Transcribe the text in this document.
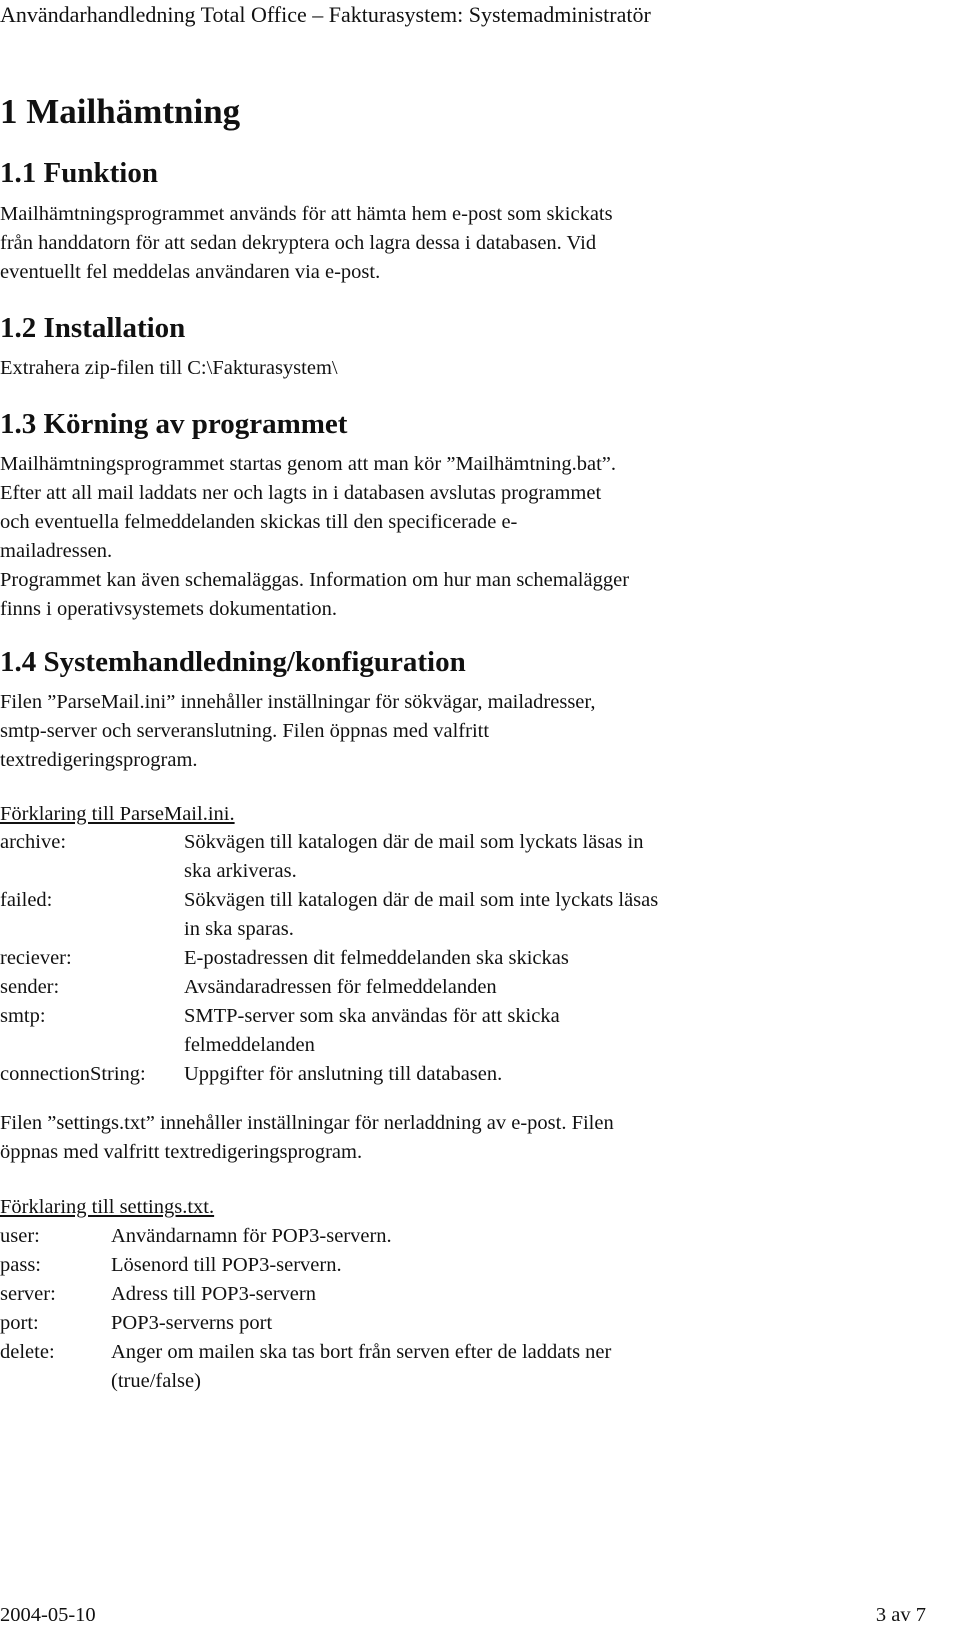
Användarhandledning Total Office – Fakturasystem: Systemadministratör
1 Mailhämtning
1.1 Funktion
Mailhämtningsprogrammet används för att hämta hem e-post som skickats
från handdatorn för att sedan dekryptera och lagra dessa i databasen. Vid
eventuellt fel meddelas användaren via e-post.
1.2 Installation
Extrahera zip-filen till C:\Fakturasystem\
1.3 Körning av programmet
Mailhämtningsprogrammet startas genom att man kör ”Mailhämtning.bat”.
Efter att all mail laddats ner och lagts in i databasen avslutas programmet
och eventuella felmeddelanden skickas till den specificerade e-
mailadressen.
Programmet kan även schemaläggas. Information om hur man schemalägger
finns i operativsystemets dokumentation.
1.4 Systemhandledning/konfiguration
Filen ”ParseMail.ini” innehåller inställningar för sökvägar, mailadresser,
smtp-server och serveranslutning. Filen öppnas med valfritt
textredigeringsprogram.
Förklaring till ParseMail.ini.
archive:	Sökvägen till katalogen där de mail som lyckats läsas in
ska arkiveras.
failed:	Sökvägen till katalogen där de mail som inte lyckats läsas
in ska sparas.
reciever:	E-postadressen dit felmeddelanden ska skickas
sender:	Avsändaradressen för felmeddelanden
smtp:	SMTP-server som ska användas för att skicka
felmeddelanden
connectionString: Uppgifter för anslutning till databasen.
Filen ”settings.txt” innehåller inställningar för nerladdning av e-post. Filen
öppnas med valfritt textredigeringsprogram.
Förklaring till settings.txt.
user:	Användarnamn för POP3-servern.
pass:	Lösenord till POP3-servern.
server:	Adress till POP3-servern
port:	POP3-serverns port
delete:	Anger om mailen ska tas bort från serven efter de laddats ner
(true/false)
2004-05-10	3 av 7
